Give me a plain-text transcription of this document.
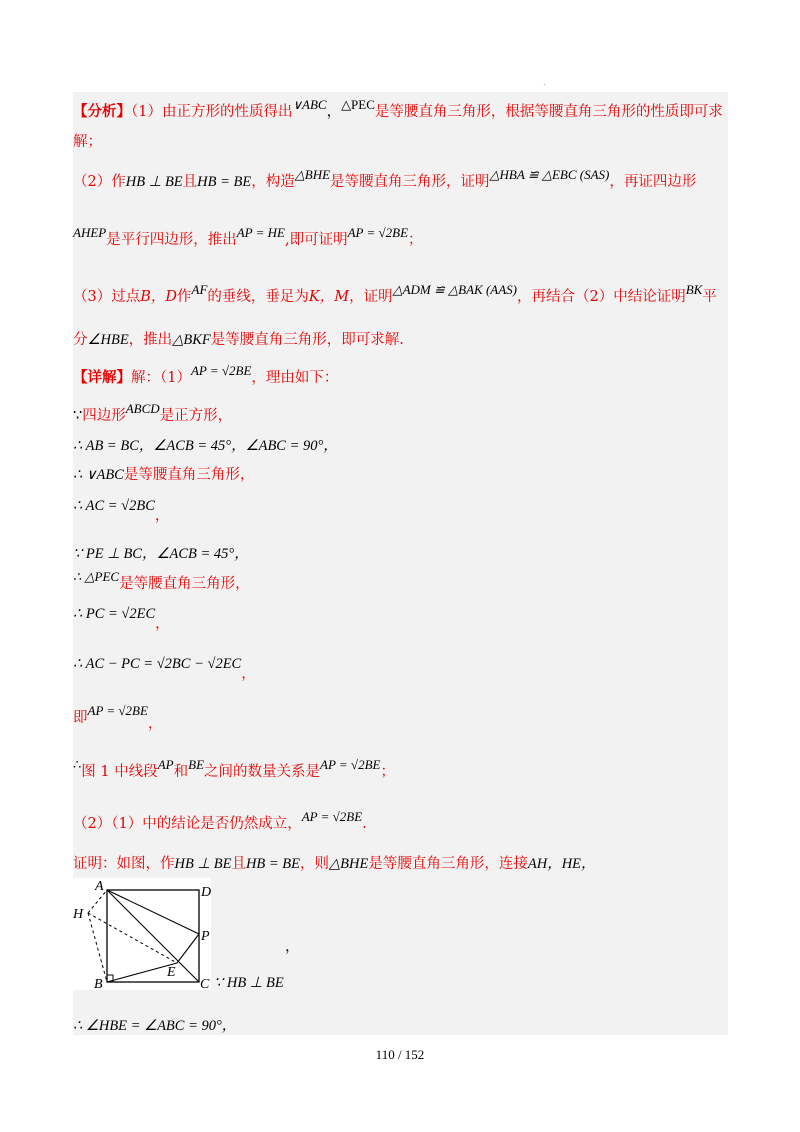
.
【分析】（1）由正方形的性质得出∨ABC，△PEC是等腰直角三角形，根据等腰直角三角形的性质即可求
解；
（2）作HB ⊥ BE且HB = BE，构造△BHE是等腰直角三角形，证明△HBA ≌ △EBC (SAS)，再证四边形
AHEP是平行四边形，推出AP = HE,即可证明AP = √2BE；
（3）过点B，D作AF的垂线，垂足为K，M，证明△ADM ≌ △BAK (AAS)，再结合（2）中结论证明BK平
分∠HBE，推出△BKF是等腰直角三角形，即可求解.
【详解】解：（1）AP = √2BE，理由如下：
∵四边形ABCD是正方形，
∴ AB = BC，∠ACB = 45°，∠ABC = 90°，
∴ ∨ABC是等腰直角三角形，
∴ AC = √2BC，
∵ PE ⊥ BC，∠ACB = 45°，
∴ △PEC是等腰直角三角形，
∴ PC = √2EC，
∴ AC − PC = √2BC − √2EC，
即AP = √2BE，
∴图 1 中线段AP和BE之间的数量关系是AP = √2BE；
（2）（1）中的结论是否仍然成立，AP = √2BE.
证明：如图，作HB ⊥ BE且HB = BE，则△BHE是等腰直角三角形，连接AH，HE，
A	D
H
P
E
B	C
，
∵ HB ⊥ BE
∴ ∠HBE = ∠ABC = 90°，
110 / 152
